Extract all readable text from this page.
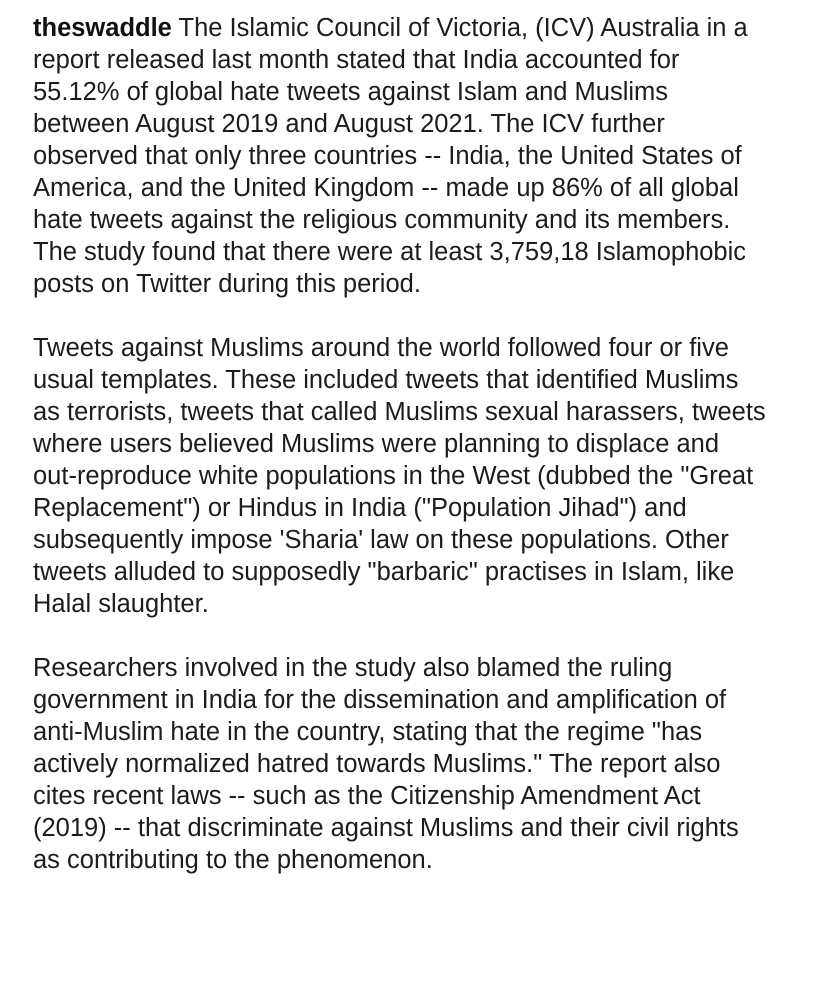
theswaddle The Islamic Council of Victoria, (ICV) Australia in a report released last month stated that India accounted for 55.12% of global hate tweets against Islam and Muslims between August 2019 and August 2021. The ICV further observed that only three countries -- India, the United States of America, and the United Kingdom -- made up 86% of all global hate tweets against the religious community and its members. The study found that there were at least 3,759,18 Islamophobic posts on Twitter during this period.

Tweets against Muslims around the world followed four or five usual templates. These included tweets that identified Muslims as terrorists, tweets that called Muslims sexual harassers, tweets where users believed Muslims were planning to displace and out-reproduce white populations in the West (dubbed the "Great Replacement") or Hindus in India ("Population Jihad") and subsequently impose 'Sharia' law on these populations. Other tweets alluded to supposedly "barbaric" practises in Islam, like Halal slaughter.

Researchers involved in the study also blamed the ruling government in India for the dissemination and amplification of anti-Muslim hate in the country, stating that the regime "has actively normalized hatred towards Muslims." The report also cites recent laws -- such as the Citizenship Amendment Act (2019) -- that discriminate against Muslims and their civil rights as contributing to the phenomenon.
